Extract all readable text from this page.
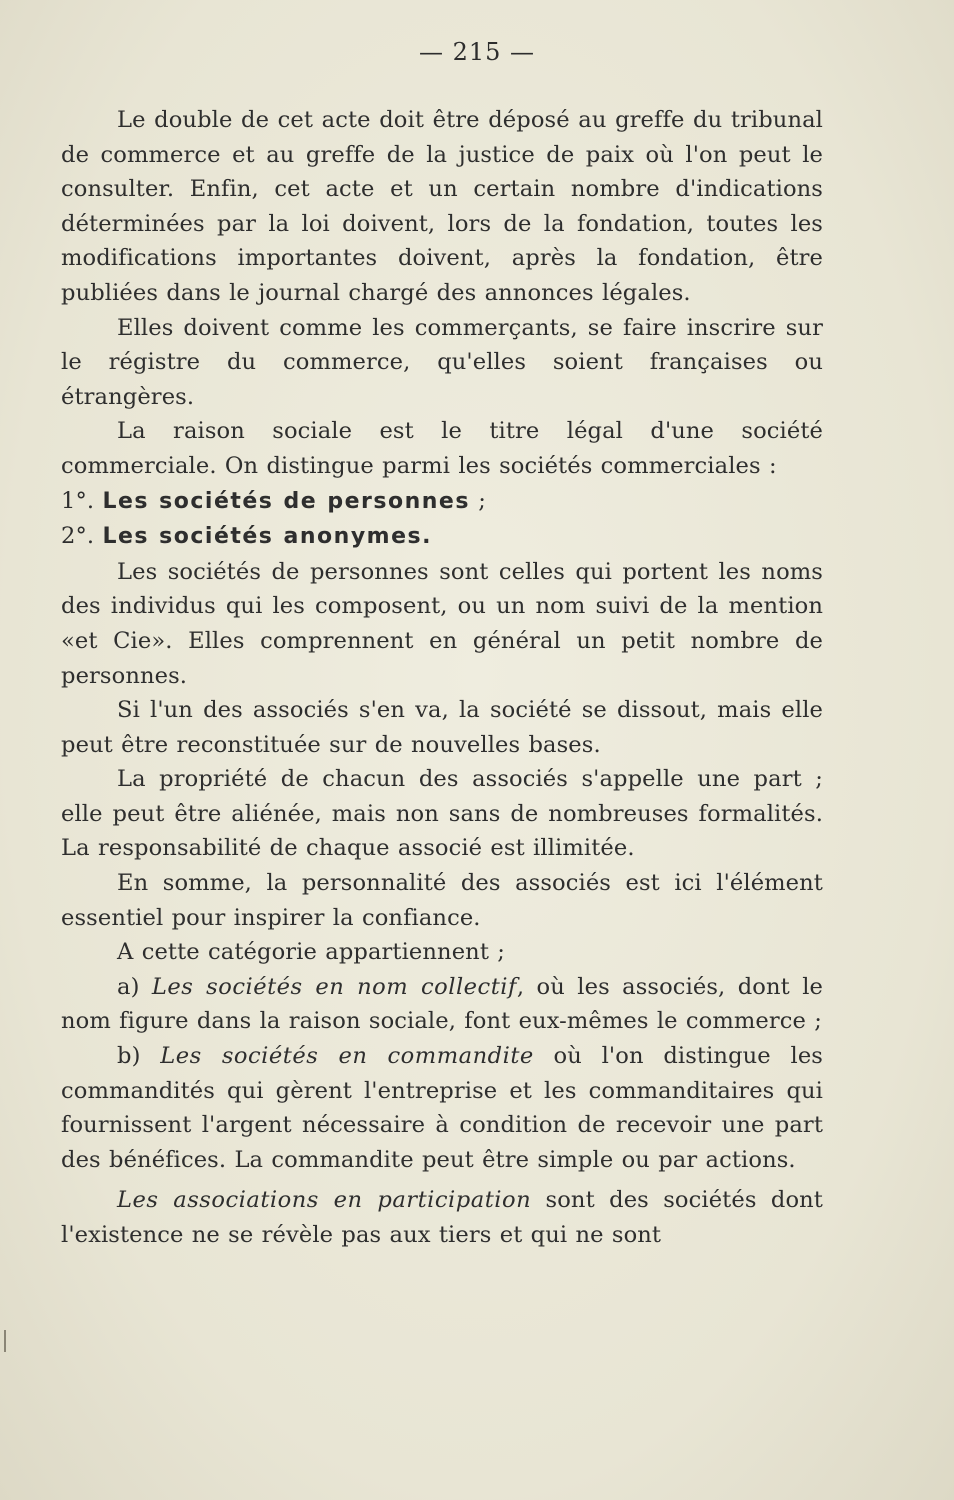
— 215 —

Le double de cet acte doit être déposé au greffe du tribunal de commerce et au greffe de la justice de paix où l'on peut le consulter. Enfin, cet acte et un certain nombre d'indications déterminées par la loi doivent, lors de la fondation, toutes les modifications importantes doivent, après la fondation, être publiées dans le journal chargé des annonces légales.

Elles doivent comme les commerçants, se faire inscrire sur le régistre du commerce, qu'elles soient françaises ou étrangères.

La raison sociale est le titre légal d'une société commerciale. On distingue parmi les sociétés commerciales :

1°. Les sociétés de personnes ;

2°. Les sociétés anonymes.

Les sociétés de personnes sont celles qui portent les noms des individus qui les composent, ou un nom suivi de la mention «et Cie». Elles comprennent en général un petit nombre de personnes.

Si l'un des associés s'en va, la société se dissout, mais elle peut être reconstituée sur de nouvelles bases.

La propriété de chacun des associés s'appelle une part ; elle peut être aliénée, mais non sans de nombreuses formalités. La responsabilité de chaque associé est illimitée.

En somme, la personnalité des associés est ici l'élément essentiel pour inspirer la confiance.

A cette catégorie appartiennent ;

a) Les sociétés en nom collectif, où les associés, dont le nom figure dans la raison sociale, font eux-mêmes le commerce ;

b) Les sociétés en commandite où l'on distingue les commandités qui gèrent l'entreprise et les commanditaires qui fournissent l'argent nécessaire à condition de recevoir une part des bénéfices. La commandite peut être simple ou par actions.

Les associations en participation sont des sociétés dont l'existence ne se révèle pas aux tiers et qui ne sont
